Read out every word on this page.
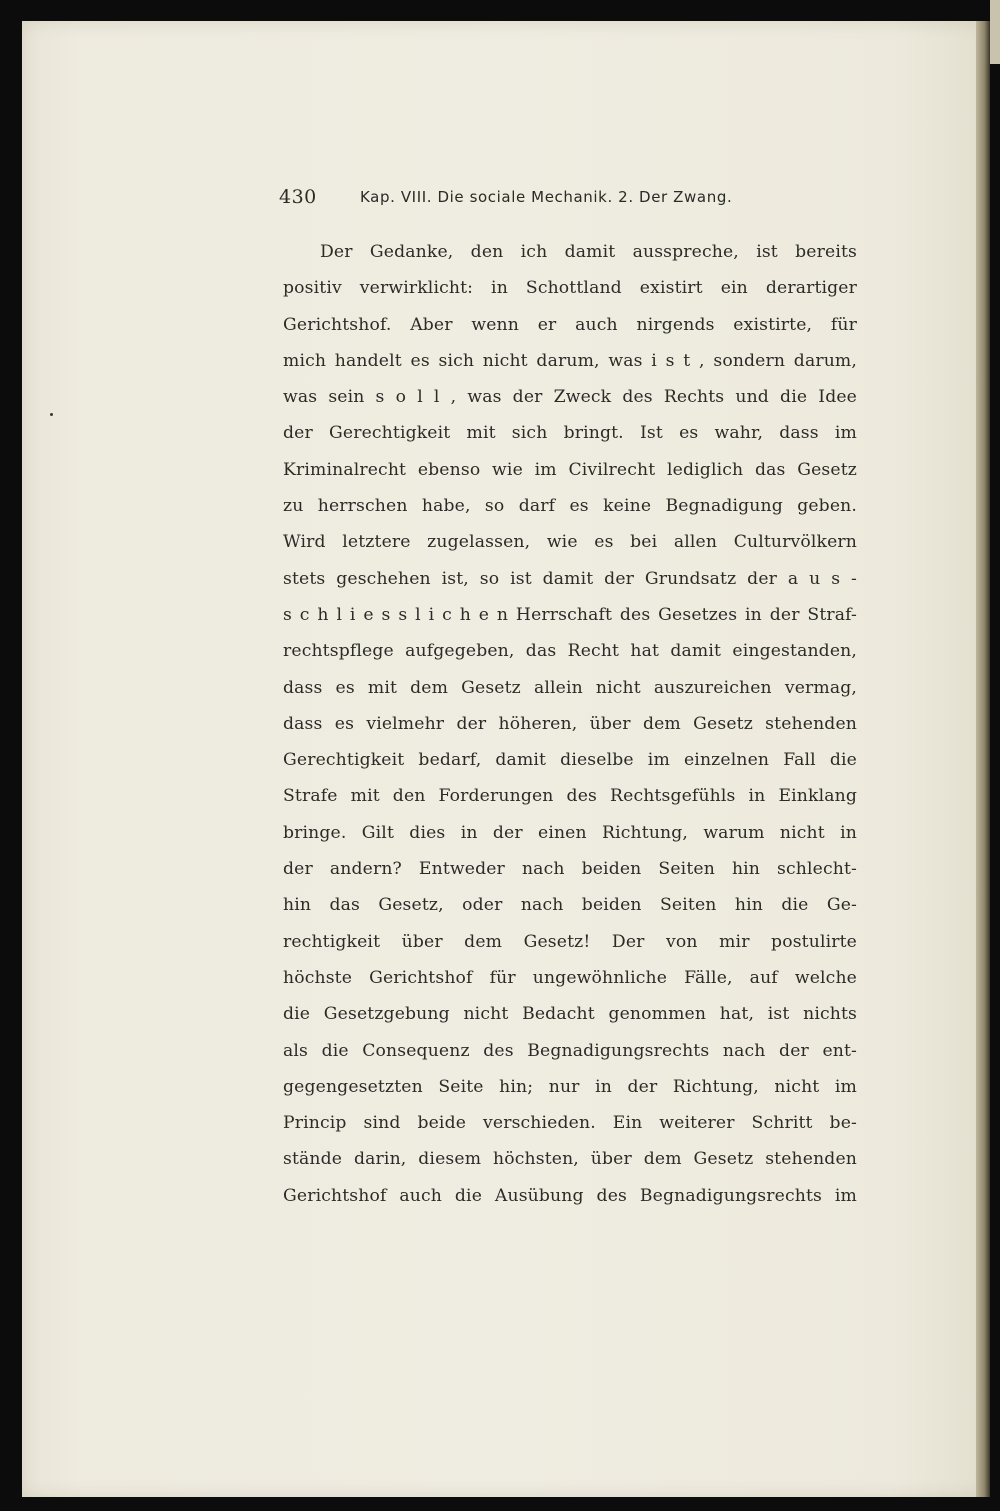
430	Kap. VIII. Die sociale Mechanik. 2. Der Zwang.
Der Gedanke, den ich damit ausspreche, ist bereits
positiv verwirklicht: in Schottland existirt ein derartiger
Gerichtshof. Aber wenn er auch nirgends existirte, für
mich handelt es sich nicht darum, was i s t , sondern darum,
was sein s o l l , was der Zweck des Rechts und die Idee
der Gerechtigkeit mit sich bringt. Ist es wahr, dass im
Kriminalrecht ebenso wie im Civilrecht lediglich das Gesetz
zu herrschen habe, so darf es keine Begnadigung geben.
Wird letztere zugelassen, wie es bei allen Culturvölkern
stets geschehen ist, so ist damit der Grundsatz der a u s -
s c h l i e s s l i c h e n Herrschaft des Gesetzes in der Straf-
rechtspflege aufgegeben, das Recht hat damit eingestanden,
dass es mit dem Gesetz allein nicht auszureichen vermag,
dass es vielmehr der höheren, über dem Gesetz stehenden
Gerechtigkeit bedarf, damit dieselbe im einzelnen Fall die
Strafe mit den Forderungen des Rechtsgefühls in Einklang
bringe. Gilt dies in der einen Richtung, warum nicht in
der andern? Entweder nach beiden Seiten hin schlecht-
hin das Gesetz, oder nach beiden Seiten hin die Ge-
rechtigkeit über dem Gesetz! Der von mir postulirte
höchste Gerichtshof für ungewöhnliche Fälle, auf welche
die Gesetzgebung nicht Bedacht genommen hat, ist nichts
als die Consequenz des Begnadigungsrechts nach der ent-
gegengesetzten Seite hin; nur in der Richtung, nicht im
Princip sind beide verschieden. Ein weiterer Schritt be-
stände darin, diesem höchsten, über dem Gesetz stehenden
Gerichtshof auch die Ausübung des Begnadigungsrechts im
